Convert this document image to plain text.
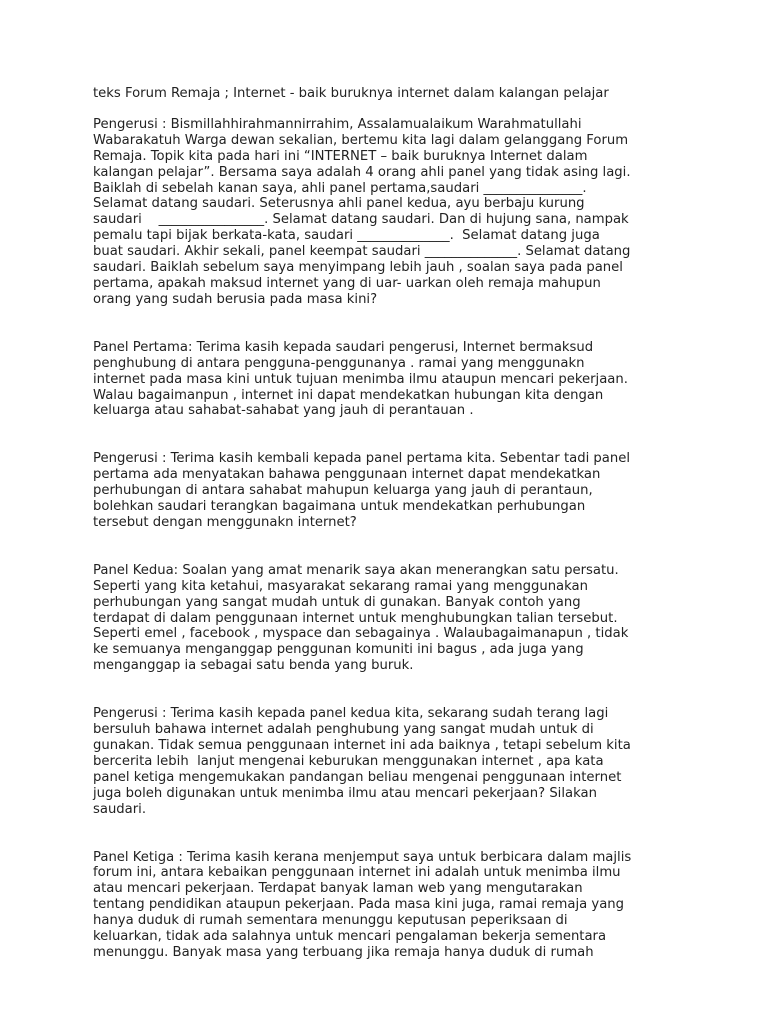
teks Forum Remaja ; Internet - baik buruknya internet dalam kalangan pelajar
Pengerusi : Bismillahhirahmannirrahim, Assalamualaikum Warahmatullahi
Wabarakatuh Warga dewan sekalian, bertemu kita lagi dalam gelanggang Forum
Remaja. Topik kita pada hari ini “INTERNET – baik buruknya Internet dalam
kalangan pelajar”. Bersama saya adalah 4 orang ahli panel yang tidak asing lagi.
Baiklah di sebelah kanan saya, ahli panel pertama,saudari _______________.
Selamat datang saudari. Seterusnya ahli panel kedua, ayu berbaju kurung
saudari    ________________. Selamat datang saudari. Dan di hujung sana, nampak
pemalu tapi bijak berkata-kata, saudari ______________.  Selamat datang juga
buat saudari. Akhir sekali, panel keempat saudari ______________. Selamat datang
saudari. Baiklah sebelum saya menyimpang lebih jauh , soalan saya pada panel
pertama, apakah maksud internet yang di uar- uarkan oleh remaja mahupun
orang yang sudah berusia pada masa kini?
Panel Pertama: Terima kasih kepada saudari pengerusi, Internet bermaksud
penghubung di antara pengguna-penggunanya . ramai yang menggunakn
internet pada masa kini untuk tujuan menimba ilmu ataupun mencari pekerjaan.
Walau bagaimanpun , internet ini dapat mendekatkan hubungan kita dengan
keluarga atau sahabat-sahabat yang jauh di perantauan .
Pengerusi : Terima kasih kembali kepada panel pertama kita. Sebentar tadi panel
pertama ada menyatakan bahawa penggunaan internet dapat mendekatkan
perhubungan di antara sahabat mahupun keluarga yang jauh di perantaun,
bolehkan saudari terangkan bagaimana untuk mendekatkan perhubungan
tersebut dengan menggunakn internet?
Panel Kedua: Soalan yang amat menarik saya akan menerangkan satu persatu.
Seperti yang kita ketahui, masyarakat sekarang ramai yang menggunakan
perhubungan yang sangat mudah untuk di gunakan. Banyak contoh yang
terdapat di dalam penggunaan internet untuk menghubungkan talian tersebut.
Seperti emel , facebook , myspace dan sebagainya . Walaubagaimanapun , tidak
ke semuanya menganggap penggunan komuniti ini bagus , ada juga yang
menganggap ia sebagai satu benda yang buruk.
Pengerusi : Terima kasih kepada panel kedua kita, sekarang sudah terang lagi
bersuluh bahawa internet adalah penghubung yang sangat mudah untuk di
gunakan. Tidak semua penggunaan internet ini ada baiknya , tetapi sebelum kita
bercerita lebih  lanjut mengenai keburukan menggunakan internet , apa kata
panel ketiga mengemukakan pandangan beliau mengenai penggunaan internet
juga boleh digunakan untuk menimba ilmu atau mencari pekerjaan? Silakan
saudari.
Panel Ketiga : Terima kasih kerana menjemput saya untuk berbicara dalam majlis
forum ini, antara kebaikan penggunaan internet ini adalah untuk menimba ilmu
atau mencari pekerjaan. Terdapat banyak laman web yang mengutarakan
tentang pendidikan ataupun pekerjaan. Pada masa kini juga, ramai remaja yang
hanya duduk di rumah sementara menunggu keputusan peperiksaan di
keluarkan, tidak ada salahnya untuk mencari pengalaman bekerja sementara
menunggu. Banyak masa yang terbuang jika remaja hanya duduk di rumah
